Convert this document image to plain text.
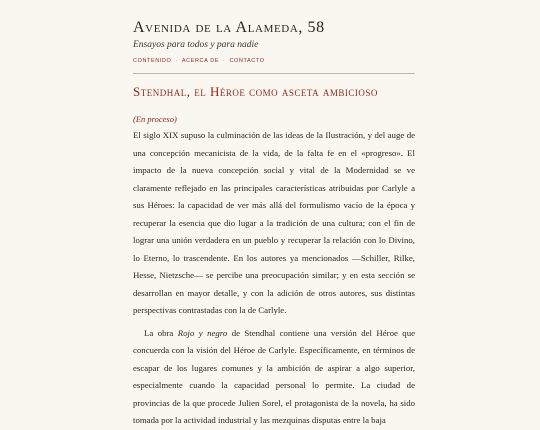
Avenida de la Alameda, 58
Ensayos para todos y para nadie
CONTENIDO · ACERCA DE · CONTACTO
Stendhal, el Héroe como asceta ambicioso
(En proceso)

El siglo XIX supuso la culminación de las ideas de la Ilustración, y del auge de una concepción mecanicista de la vida, de la falta fe en el «progreso». El impacto de la nueva concepción social y vital de la Modernidad se ve claramente reflejado en las principales características atribuidas por Carlyle a sus Héroes: la capacidad de ver más allá del formulismo vacío de la época y recuperar la esencia que dio lugar a la tradición de una cultura; con el fin de lograr una unión verdadera en un pueblo y recuperar la relación con lo Divino, lo Eterno, lo trascendente. En los autores ya mencionados —Schiller, Rilke, Hesse, Nietzsche— se percibe una preocupación similar; y en esta sección se desarrollan en mayor detalle, y con la adición de otros autores, sus distintas perspectivas contrastadas con la de Carlyle.

La obra Rojo y negro de Stendhal contiene una versión del Héroe que concuerda con la visión del Héroe de Carlyle. Específicamente, en términos de escapar de los lugares comunes y la ambición de aspirar a algo superior, especialmente cuando la capacidad personal lo permite. La ciudad de provincias de la que procede Julien Sorel, el protagonista de la novela, ha sido tomada por la actividad industrial y las mezquinas disputas entre la baja
